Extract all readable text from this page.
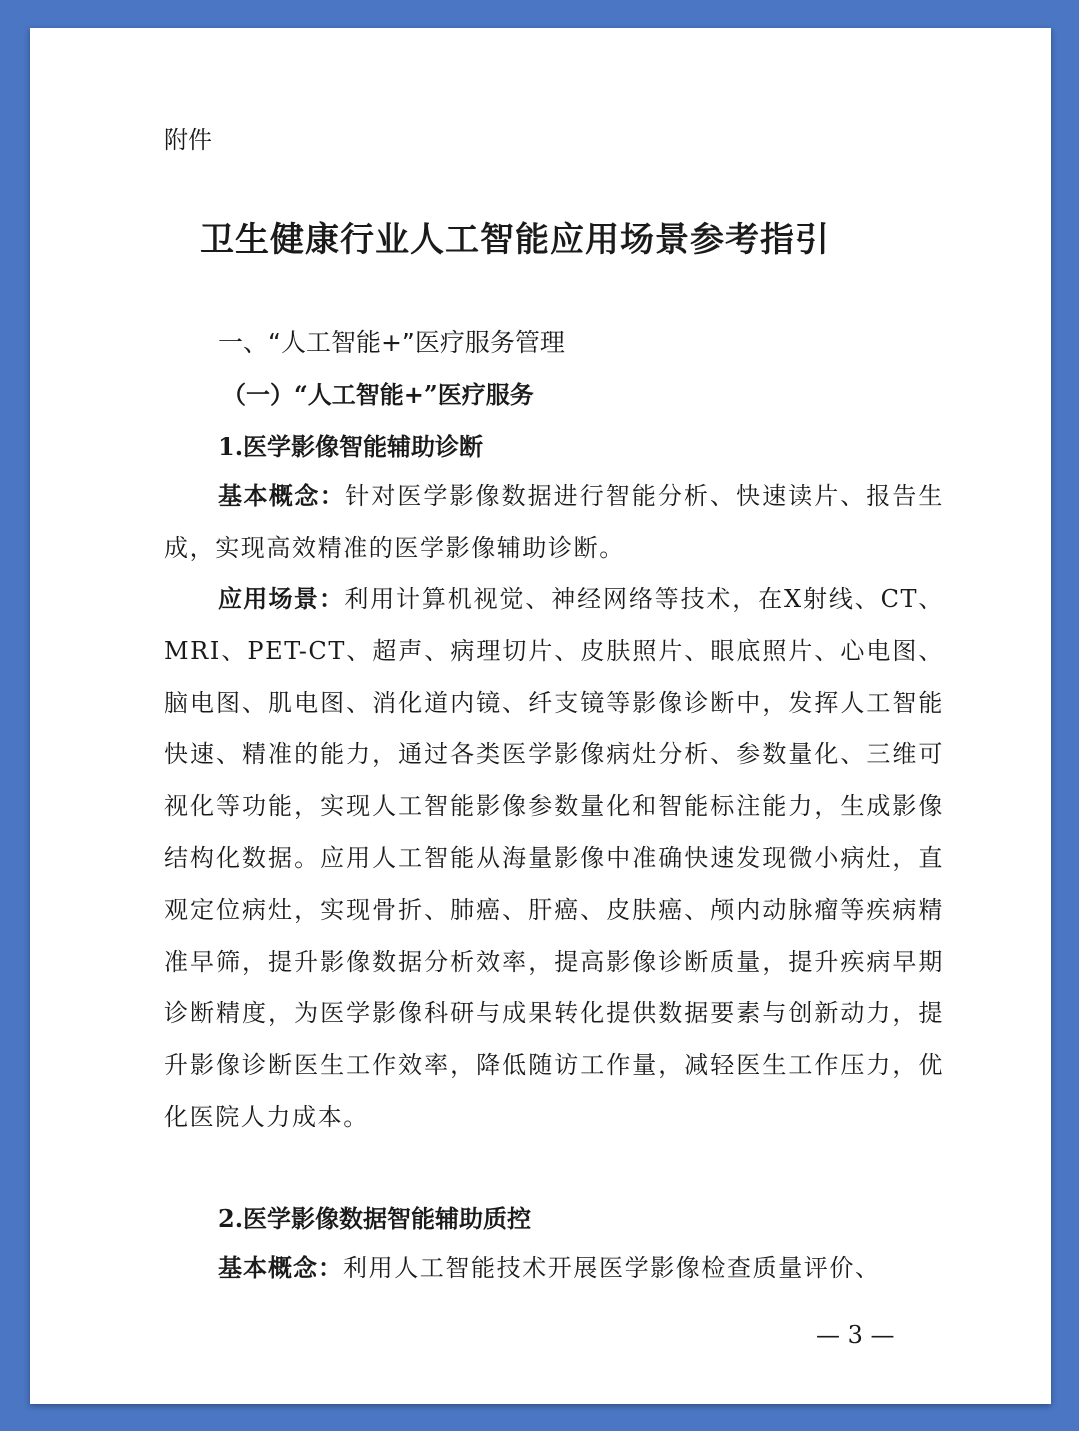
附件
卫生健康行业人工智能应用场景参考指引
一、“人工智能+”医疗服务管理
（一）“人工智能+”医疗服务
1.医学影像智能辅助诊断
基本概念：针对医学影像数据进行智能分析、快速读片、报告生成，实现高效精准的医学影像辅助诊断。
应用场景：利用计算机视觉、神经网络等技术，在X射线、CT、MRI、PET-CT、超声、病理切片、皮肤照片、眼底照片、心电图、脑电图、肌电图、消化道内镜、纤支镜等影像诊断中，发挥人工智能快速、精准的能力，通过各类医学影像病灶分析、参数量化、三维可视化等功能，实现人工智能影像参数量化和智能标注能力，生成影像结构化数据。应用人工智能从海量影像中准确快速发现微小病灶，直观定位病灶，实现骨折、肺癌、肝癌、皮肤癌、颅内动脉瘤等疾病精准早筛，提升影像数据分析效率，提高影像诊断质量，提升疾病早期诊断精度，为医学影像科研与成果转化提供数据要素与创新动力，提升影像诊断医生工作效率，降低随访工作量，减轻医生工作压力，优化医院人力成本。
2.医学影像数据智能辅助质控
基本概念：利用人工智能技术开展医学影像检查质量评价、
— 3 —
